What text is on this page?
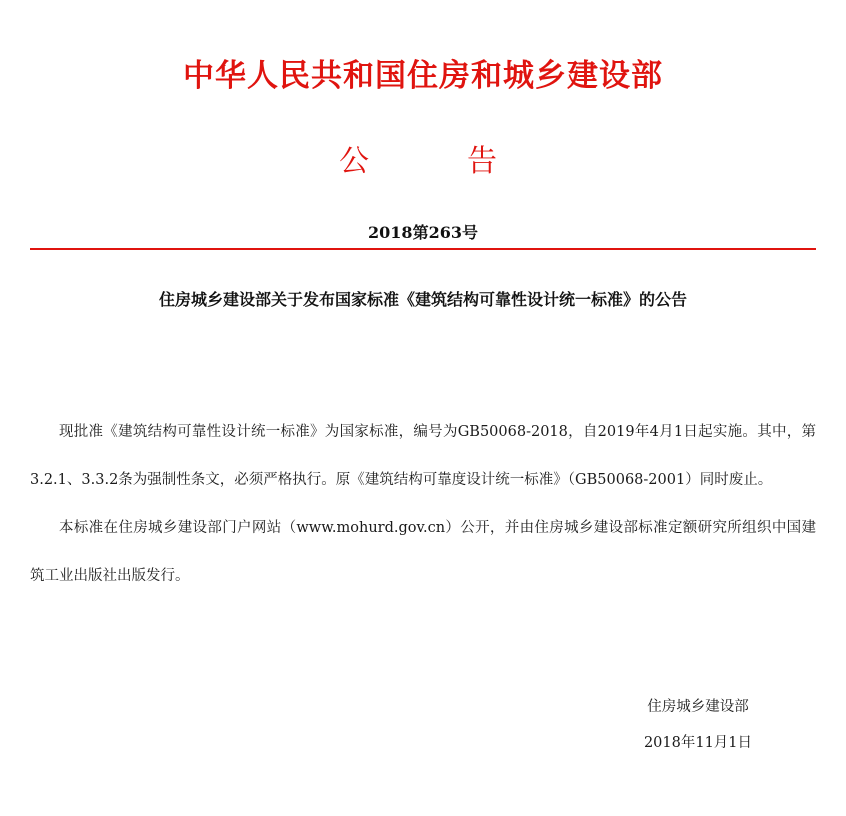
中华人民共和国住房和城乡建设部
公	告
2018第263号
住房城乡建设部关于发布国家标准《建筑结构可靠性设计统一标准》的公告

现批准《建筑结构可靠性设计统一标准》为国家标准，编号为GB50068-2018，自2019年4月1日起实施。其中，第3.2.1、3.3.2条为强制性条文，必须严格执行。原《建筑结构可靠度设计统一标准》（GB50068-2001）同时废止。

本标准在住房城乡建设部门户网站（www.mohurd.gov.cn）公开，并由住房城乡建设部标准定额研究所组织中国建筑工业出版社出版发行。

住房城乡建设部
2018年11月1日
